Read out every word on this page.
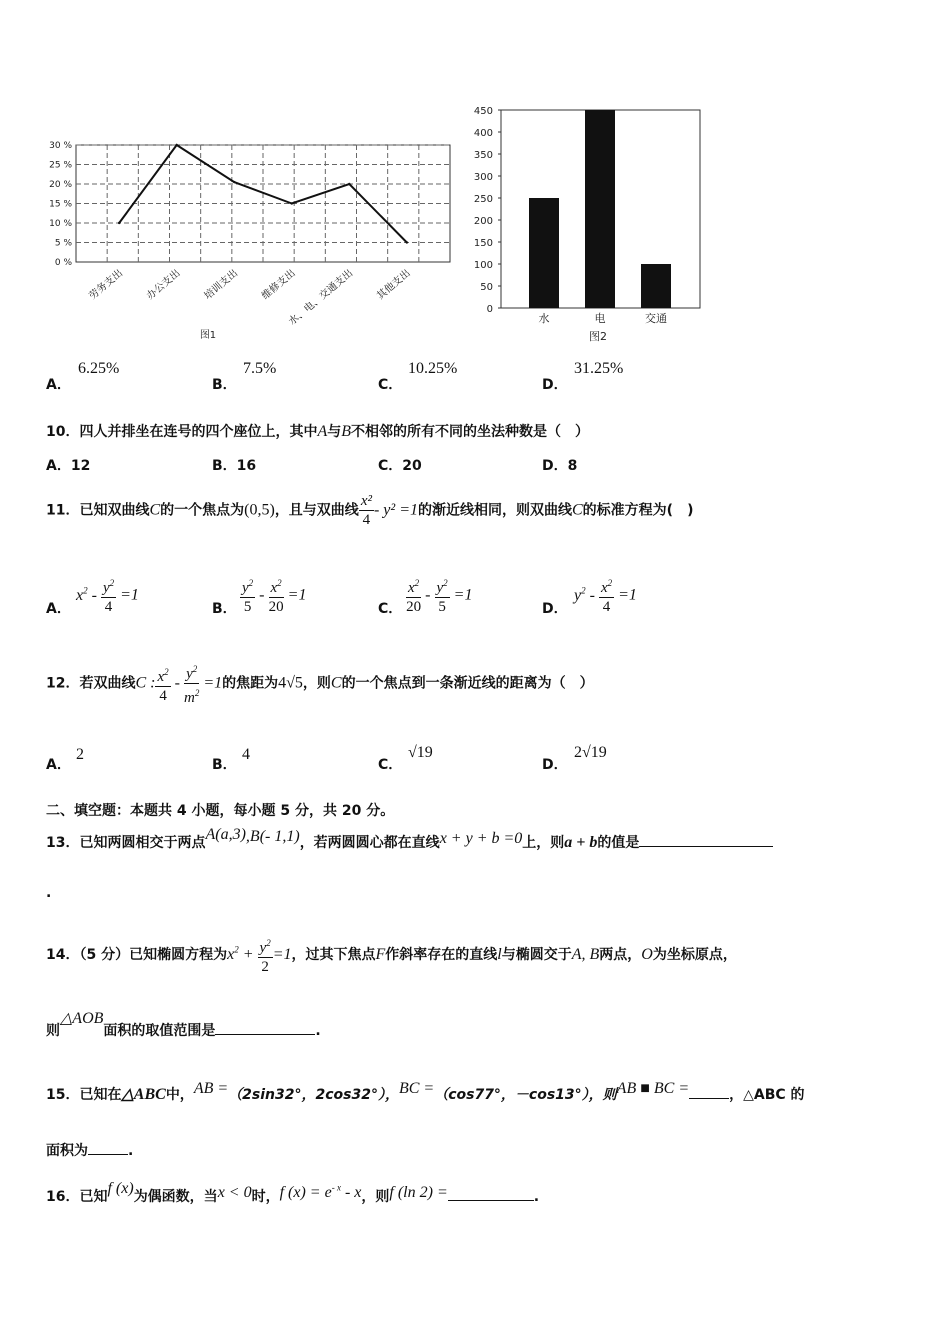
0 %
5 %
10 %
15 %
20 %
25 %
30 %
劳务支出 办公支出 培训支出 维修支出
水、电、交通支出 其他支出
图1
0
50
100
150
200
250
300
350
400
450
水	电	交通
图2
A．
6.25%
B．
7.5%
C．
10.25%
D．
31.25%
10．四人并排坐在连号的四个座位上，其中A与B不相邻的所有不同的坐法种数是（　）
A．12	B．16	C．20	D．8
11．已知双曲线C的一个焦点为(0,5)，且与双曲线 $\frac{\text{x²}}{4} - y^2 =1$的渐近线相同，则双曲线C的标准方程为(　)
A．
$x^2 - \frac{y^2}{4} =1$
B． $\frac{y^2}{5} - \frac{x^2}{20} =1$
C． $\frac{x^2}{20} - \frac{y^2}{5} =1$
D．
$y^2 - \frac{x^2}{4} =1$
12．若双曲线C : $\frac{x^2}{4} - \frac{y^2}{m^2} =1$的焦距为4√5，则C的一个焦点到一条渐近线的距离为（　）
A．
2
B．
4
C．
√19
D．
2√19
二、填空题：本题共 4 小题，每小题 5 分，共 20 分。
13．已知两圆相交于两点A(a,3),B(- 1,1)，若两圆圆心都在直线x + y + b =0上，则a + b的值是
.
14．（5 分）已知椭圆方程为$x^2 + \frac{y^2}{2} =1$，过其下焦点F作斜率存在的直线l与椭圆交于A, B两点，O为坐标原点，
则△AOB面积的取值范围是	.
15．已知在△ABC中，AB =（2sin32°，2cos32°），BC =（cos77°，－cos13°），则AB ■ BC =	，△ABC 的
面积为	.
16．已知f (x)为偶函数，当x < 0时，f $(x) = e^{- x} - x$，则f (ln 2) =	.
